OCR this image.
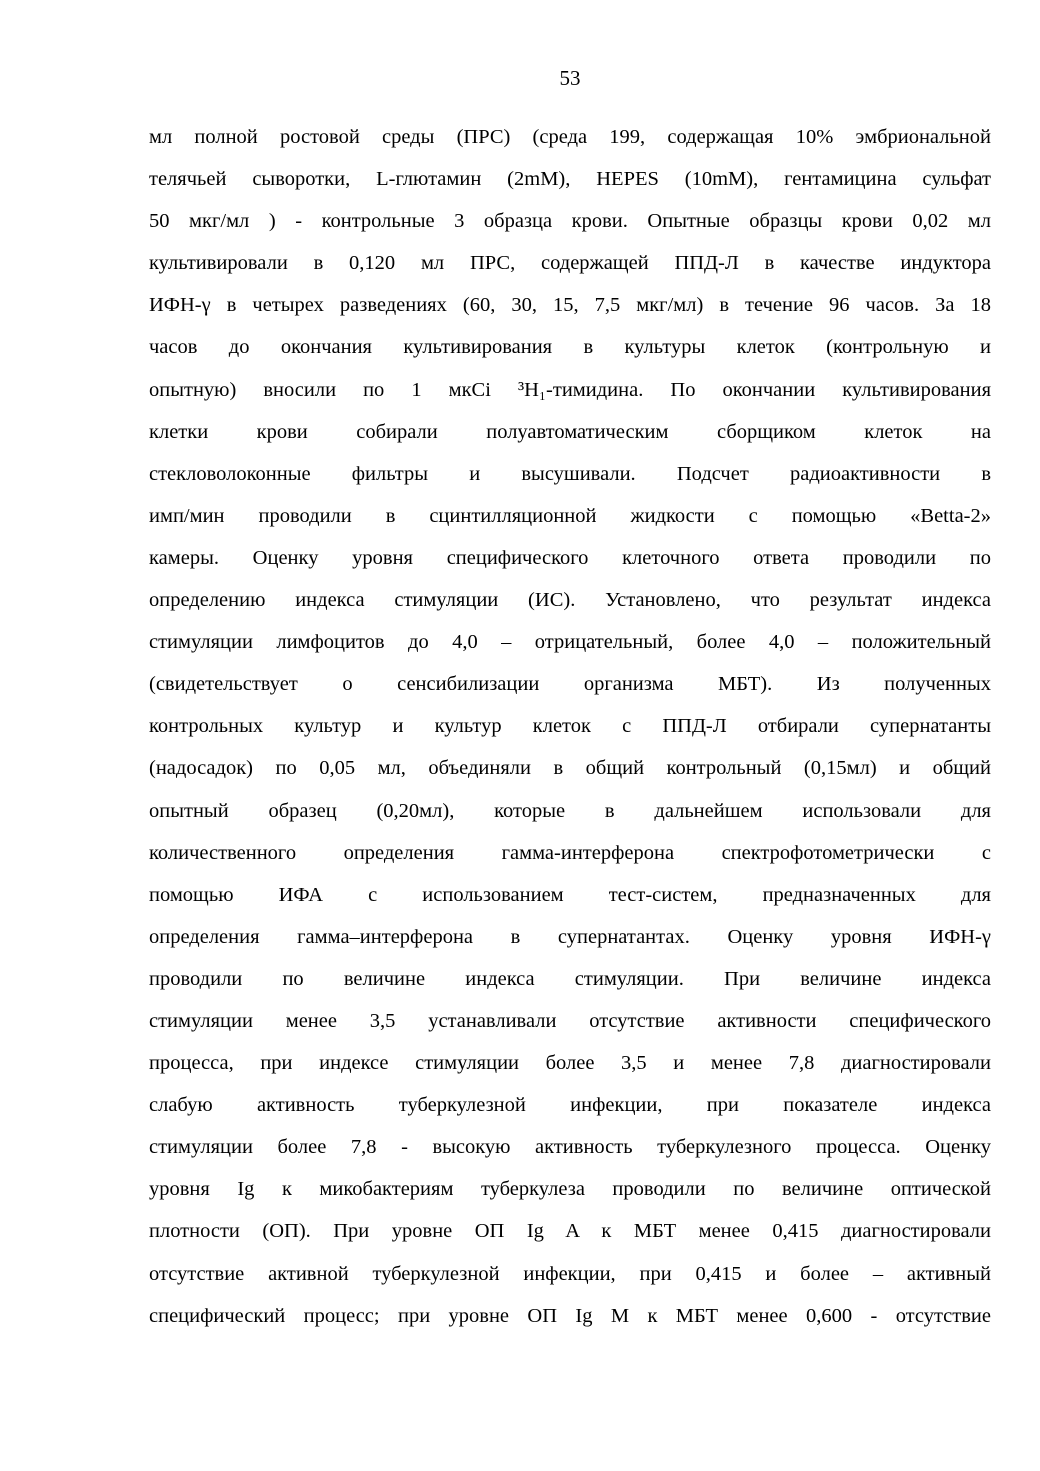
53
мл полной ростовой среды (ПРС) (среда 199, содержащая 10% эмбриональной
телячьей сыворотки, L-глютамин (2mM), HEPES (10mM), гентамицина сульфат
50 мкг/мл ) - контрольные 3 образца крови. Опытные образцы крови 0,02 мл
культивировали в 0,120 мл ПРС, содержащей ППД-Л в качестве индуктора
ИФН-γ в четырех разведениях (60, 30, 15, 7,5 мкг/мл) в течение 96 часов. За 18
часов до окончания культивирования в культуры клеток (контрольную и
опытную) вносили по 1 мкCi ³H₁-тимидина. По окончании культивирования
клетки крови собирали полуавтоматическим сборщиком клеток на
стекловолоконные фильтры и высушивали. Подсчет радиоактивности в
имп/мин проводили в сцинтилляционной жидкости с помощью «Betta-2»
камеры. Оценку уровня специфического клеточного ответа проводили по
определению индекса стимуляции (ИС). Установлено, что результат индекса
стимуляции лимфоцитов до 4,0 – отрицательный, более 4,0 – положительный
(свидетельствует о сенсибилизации организма МБТ). Из полученных
контрольных культур и культур клеток с ППД-Л отбирали супернатанты
(надосадок) по 0,05 мл, объединяли в общий контрольный (0,15мл) и общий
опытный образец (0,20мл), которые в дальнейшем использовали для
количественного определения гамма-интерферона спектрофотометрически с
помощью ИФА с использованием тест-систем, предназначенных для
определения гамма–интерферона в супернатантах. Оценку уровня ИФН-γ
проводили по величине индекса стимуляции. При величине индекса
стимуляции менее 3,5 устанавливали отсутствие активности специфического
процесса, при индексе стимуляции более 3,5 и менее 7,8 диагностировали
слабую активность туберкулезной инфекции, при показателе индекса
стимуляции более 7,8 - высокую активность туберкулезного процесса. Оценку
уровня Ig к микобактериям туберкулеза проводили по величине оптической
плотности (ОП). При уровне ОП Ig A к МБТ менее 0,415 диагностировали
отсутствие активной туберкулезной инфекции, при 0,415 и более – активный
специфический процесс; при уровне ОП Ig M к МБТ менее 0,600 - отсутствие
